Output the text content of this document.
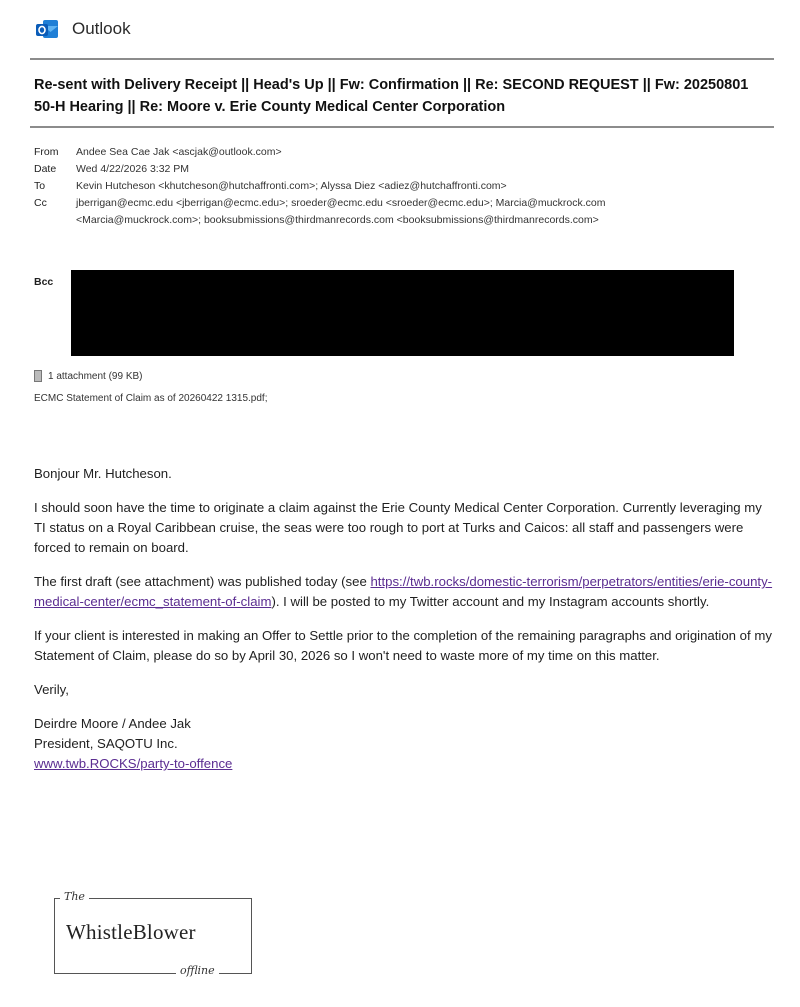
Outlook
Re-sent with Delivery Receipt || Head's Up || Fw: Confirmation || Re: SECOND REQUEST || Fw: 20250801 50-H Hearing || Re: Moore v. Erie County Medical Center Corporation
From	Andee Sea Cae Jak <ascjak@outlook.com>
Date	Wed 4/22/2026 3:32 PM
To	Kevin Hutcheson <khutcheson@hutchaffronti.com>; Alyssa Diez <adiez@hutchaffronti.com>
Cc	jberrigan@ecmc.edu <jberrigan@ecmc.edu>; sroeder@ecmc.edu <sroeder@ecmc.edu>; Marcia@muckrock.com <Marcia@muckrock.com>; booksubmissions@thirdmanrecords.com <booksubmissions@thirdmanrecords.com>
Bcc
1 attachment (99 KB)
ECMC Statement of Claim as of 20260422 1315.pdf;

Bonjour Mr. Hutcheson.

I should soon have the time to originate a claim against the Erie County Medical Center Corporation. Currently leveraging my TI status on a Royal Caribbean cruise, the seas were too rough to port at Turks and Caicos: all staff and passengers were forced to remain on board.

The first draft (see attachment) was published today (see https://twb.rocks/domestic-terrorism/perpetrators/entities/erie-county-medical-center/ecmc_statement-of-claim). I will be posted to my Twitter account and my Instagram accounts shortly.

If your client is interested in making an Offer to Settle prior to the completion of the remaining paragraphs and origination of my Statement of Claim, please do so by April 30, 2026 so I won't need to waste more of my time on this matter.

Verily,

Deirdre Moore / Andee Jak
President, SAQOTU Inc.
www.twb.ROCKS/party-to-offence

The
WhistleBlower
offline
